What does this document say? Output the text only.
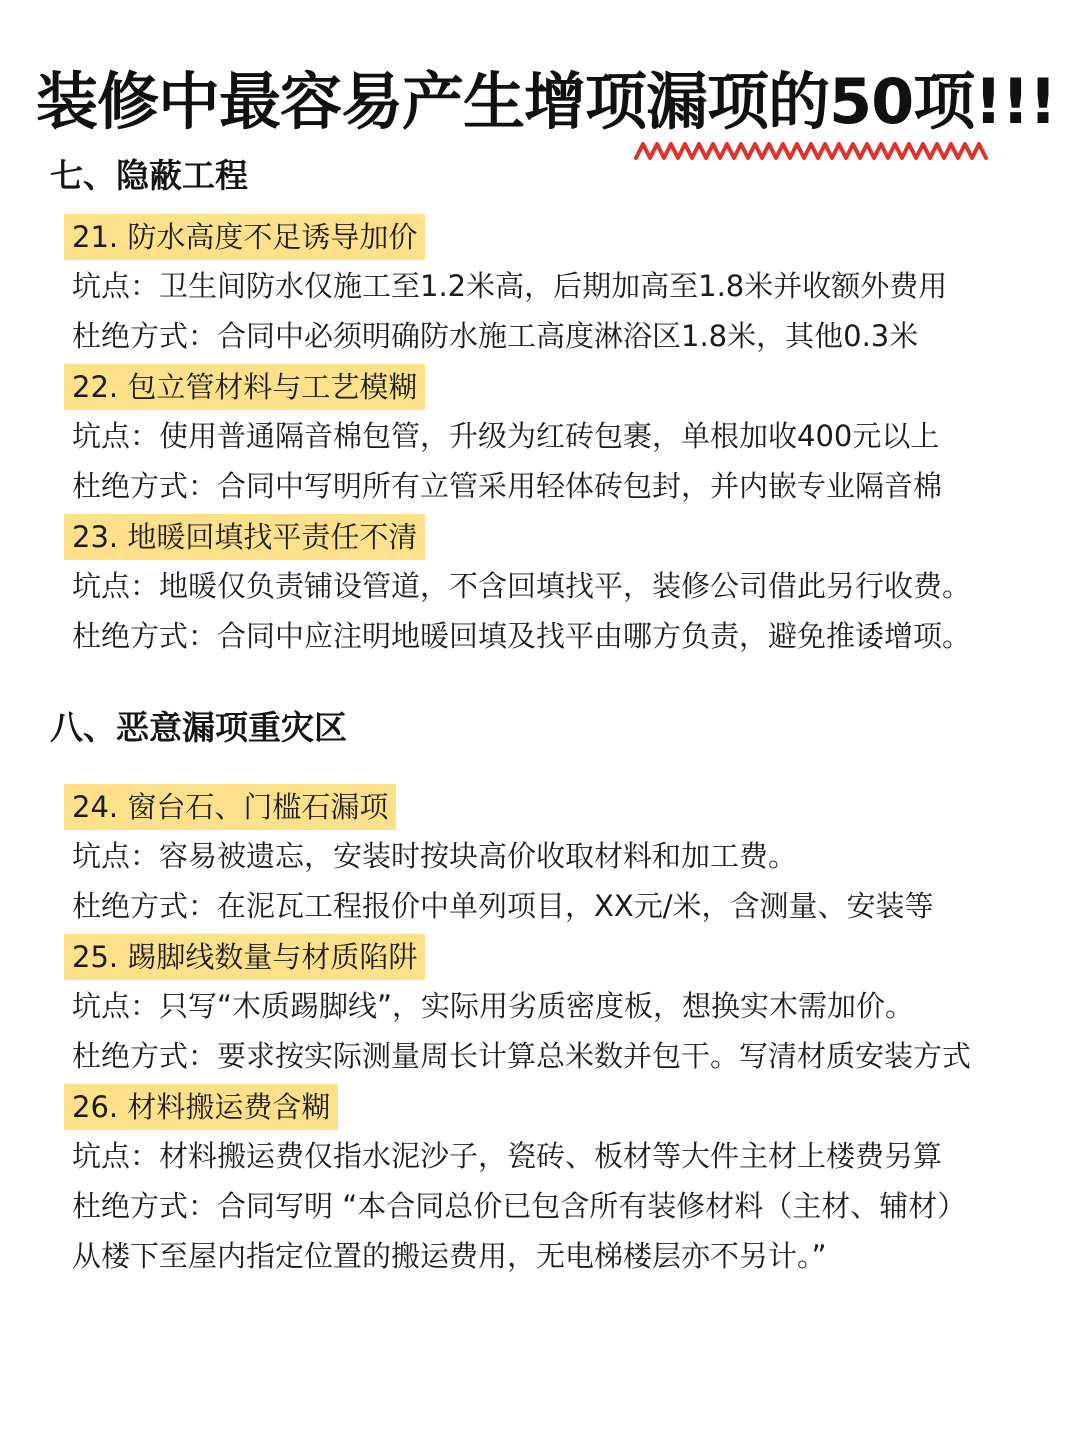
装修中最容易产生增项漏项的50项!!!
七、隐蔽工程
21. 防水高度不足诱导加价
坑点：卫生间防水仅施工至1.2米高，后期加高至1.8米并收额外费用
杜绝方式：合同中必须明确防水施工高度淋浴区1.8米，其他0.3米
22. 包立管材料与工艺模糊
坑点：使用普通隔音棉包管，升级为红砖包裹，单根加收400元以上
杜绝方式：合同中写明所有立管采用轻体砖包封，并内嵌专业隔音棉
23. 地暖回填找平责任不清
坑点：地暖仅负责铺设管道，不含回填找平，装修公司借此另行收费。
杜绝方式：合同中应注明地暖回填及找平由哪方负责，避免推诿增项。
八、恶意漏项重灾区
24. 窗台石、门槛石漏项
坑点：容易被遗忘，安装时按块高价收取材料和加工费。
杜绝方式：在泥瓦工程报价中单列项目，XX元/米，含测量、安装等
25. 踢脚线数量与材质陷阱
坑点：只写“木质踢脚线”，实际用劣质密度板，想换实木需加价。
杜绝方式：要求按实际测量周长计算总米数并包干。写清材质安装方式
26. 材料搬运费含糊
坑点：材料搬运费仅指水泥沙子，瓷砖、板材等大件主材上楼费另算
杜绝方式：合同写明 “本合同总价已包含所有装修材料（主材、辅材）
从楼下至屋内指定位置的搬运费用，无电梯楼层亦不另计。”
